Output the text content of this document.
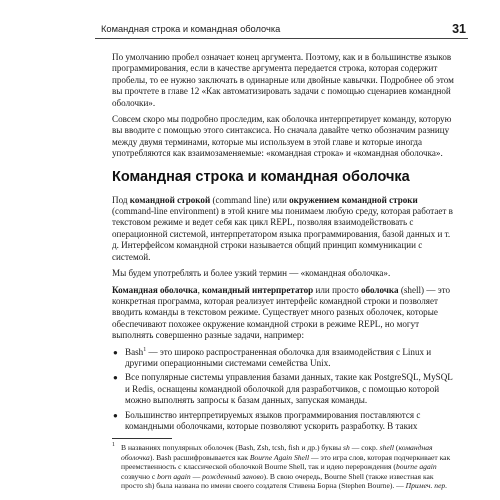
Командная строка и командная оболочка	31

По умолчанию пробел означает конец аргумента. Поэтому, как и в большинстве языков программирования, если в качестве аргумента передается строка, которая содержит пробелы, то ее нужно заключать в одинарные или двойные кавычки. Подробнее об этом вы прочтете в главе 12 «Как автоматизировать задачи с помощью сценариев командной оболочки».

Совсем скоро мы подробно проследим, как оболочка интерпретирует команду, которую вы вводите с помощью этого синтаксиса. Но сначала давайте четко обозначим разницу между двумя терминами, которые мы используем в этой главе и которые иногда употребляются как взаимозаменяемые: «командная строка» и «командная оболочка».

Командная строка и командная оболочка

Под командной строкой (command line) или окружением командной строки (command-line environment) в этой книге мы понимаем любую среду, которая работает в текстовом режиме и ведет себя как цикл REPL, позволяя взаимодействовать с операционной системой, интерпретатором языка программирования, базой данных и т. д. Интерфейсом командной строки называется общий принцип коммуникации с системой.

Мы будем употреблять и более узкий термин — «командная оболочка».

Командная оболочка, командный интерпретатор или просто оболочка (shell) — это конкретная программа, которая реализует интерфейс командной строки и позволяет вводить команды в текстовом режиме. Существует много разных оболочек, которые обеспечивают похожее окружение командной строки в режиме REPL, но могут выполнять совершенно разные задачи, например:

● Bash$^1$ — это широко распространенная оболочка для взаимодействия с Linux и другими операционными системами семейства Unix.
● Все популярные системы управления базами данных, такие как PostgreSQL, MySQL и Redis, оснащены командной оболочкой для разработчиков, с помощью которой можно выполнять запросы к базам данных, запуская команды.
● Большинство интерпретируемых языков программирования поставляются с командными оболочками, которые позволяют ускорить разработку. В таких
1 В названиях популярных оболочек (Bash, Zsh, tcsh, fish и др.) буквы sh — сокр. shell (командная оболочка). Bash расшифровывается как Bourne Again Shell — это игра слов, которая подчеркивает как преемственность с классической оболочкой Bourne Shell, так и идею перерождения (bourne again созвучно с born again — рожденный заново). В свою очередь, Bourne Shell (также известная как просто sh) была названа по имени своего создателя Стивена Борна (Stephen Bourne). — Примеч. пер.
